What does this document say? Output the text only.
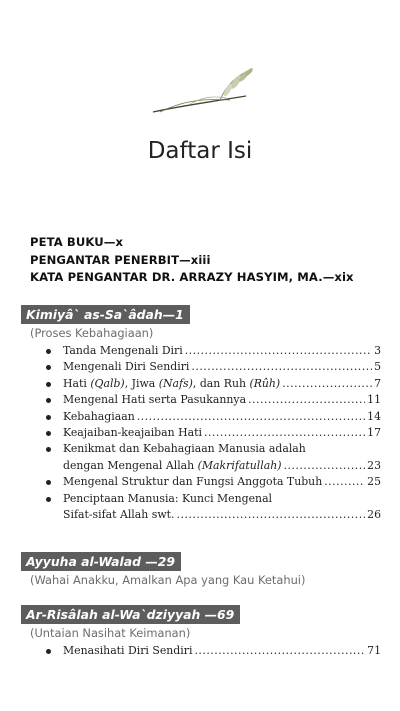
Daftar Isi
PETA BUKU—x
PENGANTAR PENERBIT—xiii
KATA PENGANTAR DR. ARRAZY HASYIM, MA.—xix
Kimiyâ` as-Sa`âdah—1
(Proses Kebahagiaan)
Tanda Mengenali Diri .....	3
Mengenali Diri Sendiri .....	5
Hati (Qalb), Jiwa (Nafs), dan Ruh (Rûh) .....	7
Mengenal Hati serta Pasukannya .....	11
Kebahagiaan .....	14
Keajaiban-keajaiban Hati .....	17
Kenikmat dan Kebahagiaan Manusia adalah
dengan Mengenal Allah (Makrifatullah) .....	23
Mengenal Struktur dan Fungsi Anggota Tubuh .....	25
Penciptaan Manusia: Kunci Mengenal
Sifat-sifat Allah swt. .....	26
Ayyuha al-Walad —29
(Wahai Anakku, Amalkan Apa yang Kau Ketahui)
Ar-Risâlah al-Wa`dziyyah —69
(Untaian Nasihat Keimanan)
Menasihati Diri Sendiri .....	71
